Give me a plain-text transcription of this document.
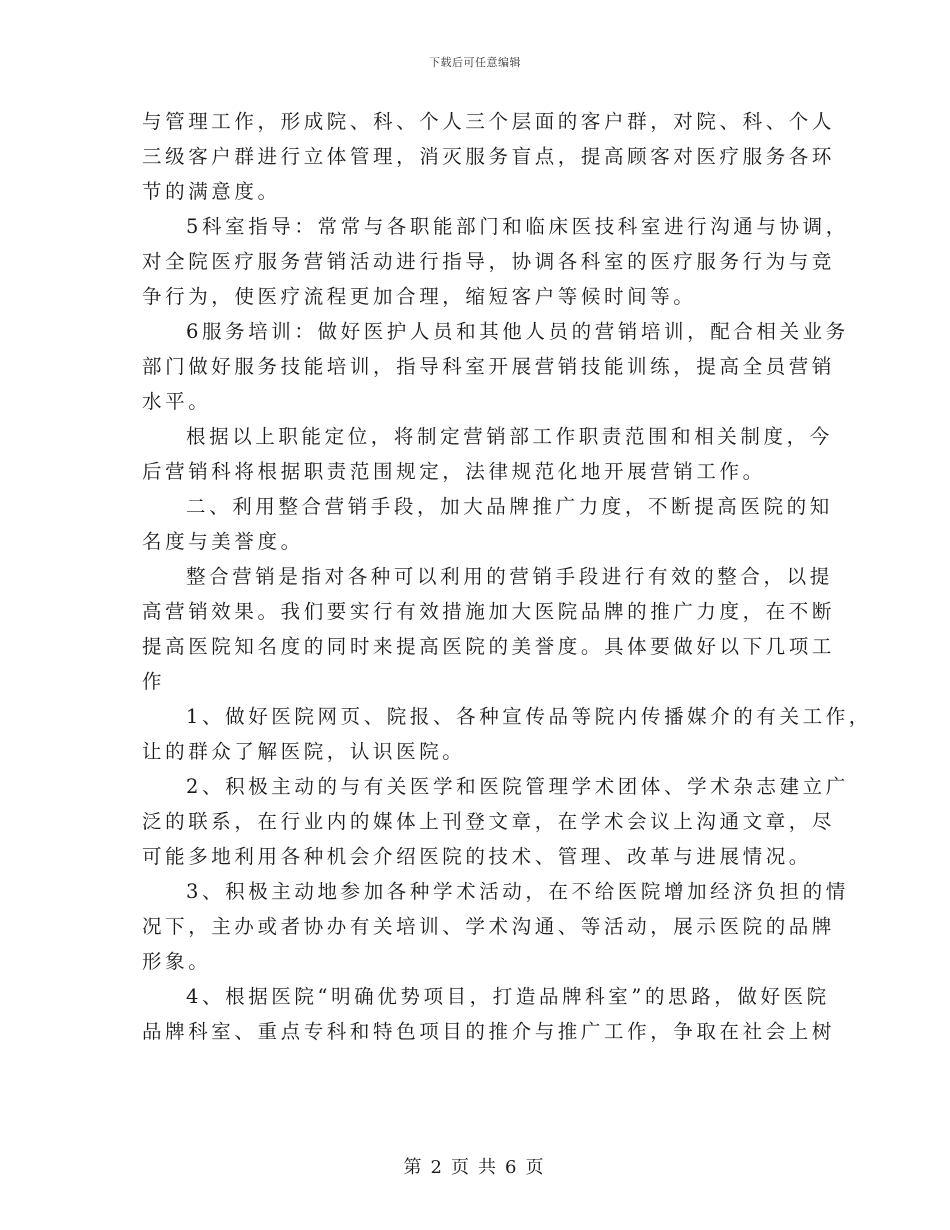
下载后可任意编辑

与管理工作，形成院、科、个人三个层面的客户群，对院、科、个人
三级客户群进行立体管理，消灭服务盲点，提高顾客对医疗服务各环
节的满意度。

5科室指导：常常与各职能部门和临床医技科室进行沟通与协调，
对全院医疗服务营销活动进行指导，协调各科室的医疗服务行为与竞
争行为，使医疗流程更加合理，缩短客户等候时间等。

6服务培训：做好医护人员和其他人员的营销培训，配合相关业务
部门做好服务技能培训，指导科室开展营销技能训练，提高全员营销
水平。

根据以上职能定位，将制定营销部工作职责范围和相关制度，今
后营销科将根据职责范围规定，法律规范化地开展营销工作。

二、利用整合营销手段，加大品牌推广力度，不断提高医院的知
名度与美誉度。

整合营销是指对各种可以利用的营销手段进行有效的整合，以提
高营销效果。我们要实行有效措施加大医院品牌的推广力度，在不断
提高医院知名度的同时来提高医院的美誉度。具体要做好以下几项工
作

1、做好医院网页、院报、各种宣传品等院内传播媒介的有关工作，
让的群众了解医院，认识医院。

2、积极主动的与有关医学和医院管理学术团体、学术杂志建立广
泛的联系，在行业内的媒体上刊登文章，在学术会议上沟通文章，尽
可能多地利用各种机会介绍医院的技术、管理、改革与进展情况。

3、积极主动地参加各种学术活动，在不给医院增加经济负担的情
况下，主办或者协办有关培训、学术沟通、等活动，展示医院的品牌
形象。

4、根据医院“明确优势项目，打造品牌科室”的思路，做好医院
品牌科室、重点专科和特色项目的推介与推广工作，争取在社会上树

第 2 页 共 6 页
